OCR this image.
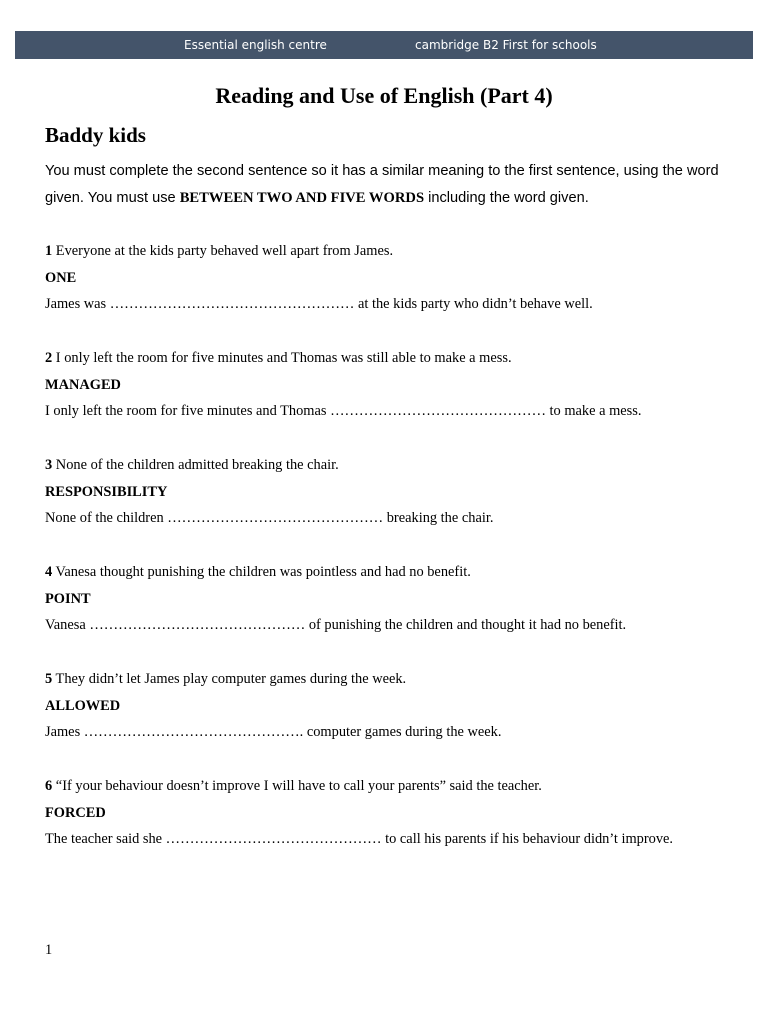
Essential english centre	cambridge B2 First for schools
Reading and Use of English (Part 4)
Baddy kids
You must complete the second sentence so it has a similar meaning to the first sentence, using the word given. You must use BETWEEN TWO AND FIVE WORDS including the word given.
1 Everyone at the kids party behaved well apart from James.
ONE
James was …………………………………………… at the kids party who didn’t behave well.
2 I only left the room for five minutes and Thomas was still able to make a mess.
MANAGED
I only left the room for five minutes and Thomas ……………………………………… to make a mess.
3 None of the children admitted breaking the chair.
RESPONSIBILITY
None of the children ……………………………………… breaking the chair.
4 Vanesa thought punishing the children was pointless and had no benefit.
POINT
Vanesa ……………………………………… of punishing the children and thought it had no benefit.
5 They didn’t let James play computer games during the week.
ALLOWED
James ………………………………………. computer games during the week.
6 “If your behaviour doesn’t improve I will have to call your parents” said the teacher.
FORCED
The teacher said she ……………………………………… to call his parents if his behaviour didn’t improve.
1
